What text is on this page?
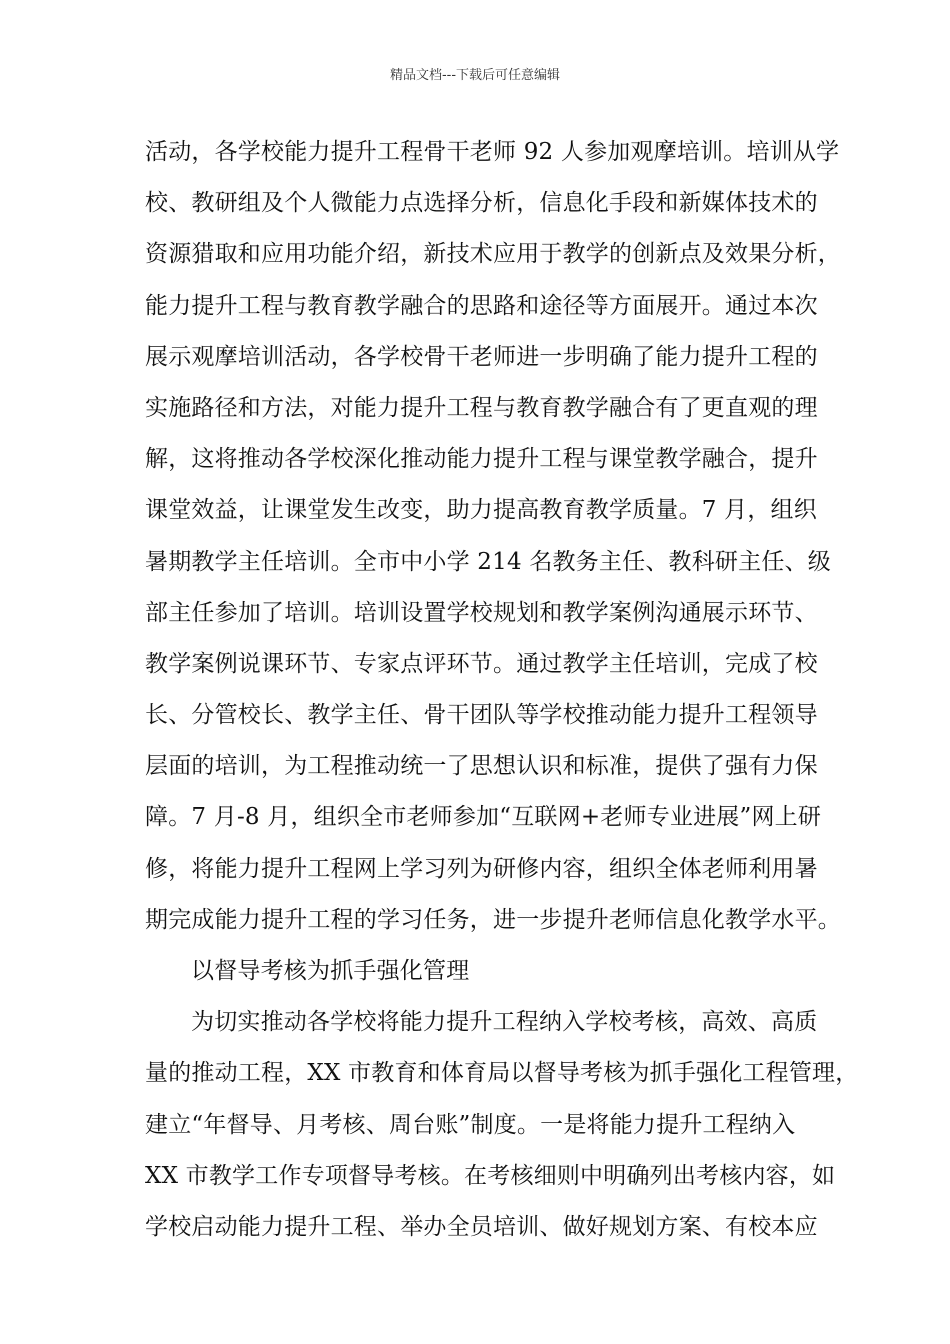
精品文档---下载后可任意编辑
活动，各学校能力提升工程骨干老师 92 人参加观摩培训。培训从学
校、教研组及个人微能力点选择分析，信息化手段和新媒体技术的
资源猎取和应用功能介绍，新技术应用于教学的创新点及效果分析，
能力提升工程与教育教学融合的思路和途径等方面展开。通过本次
展示观摩培训活动，各学校骨干老师进一步明确了能力提升工程的
实施路径和方法，对能力提升工程与教育教学融合有了更直观的理
解，这将推动各学校深化推动能力提升工程与课堂教学融合，提升
课堂效益，让课堂发生改变，助力提高教育教学质量。7 月，组织
暑期教学主任培训。全市中小学 214 名教务主任、教科研主任、级
部主任参加了培训。培训设置学校规划和教学案例沟通展示环节、
教学案例说课环节、专家点评环节。通过教学主任培训，完成了校
长、分管校长、教学主任、骨干团队等学校推动能力提升工程领导
层面的培训，为工程推动统一了思想认识和标准，提供了强有力保
障。7 月-8 月，组织全市老师参加“互联网+老师专业进展”网上研
修，将能力提升工程网上学习列为研修内容，组织全体老师利用暑
期完成能力提升工程的学习任务，进一步提升老师信息化教学水平。
以督导考核为抓手强化管理
为切实推动各学校将能力提升工程纳入学校考核，高效、高质
量的推动工程，XX 市教育和体育局以督导考核为抓手强化工程管理，
建立“年督导、月考核、周台账”制度。一是将能力提升工程纳入
XX 市教学工作专项督导考核。在考核细则中明确列出考核内容，如
学校启动能力提升工程、举办全员培训、做好规划方案、有校本应
